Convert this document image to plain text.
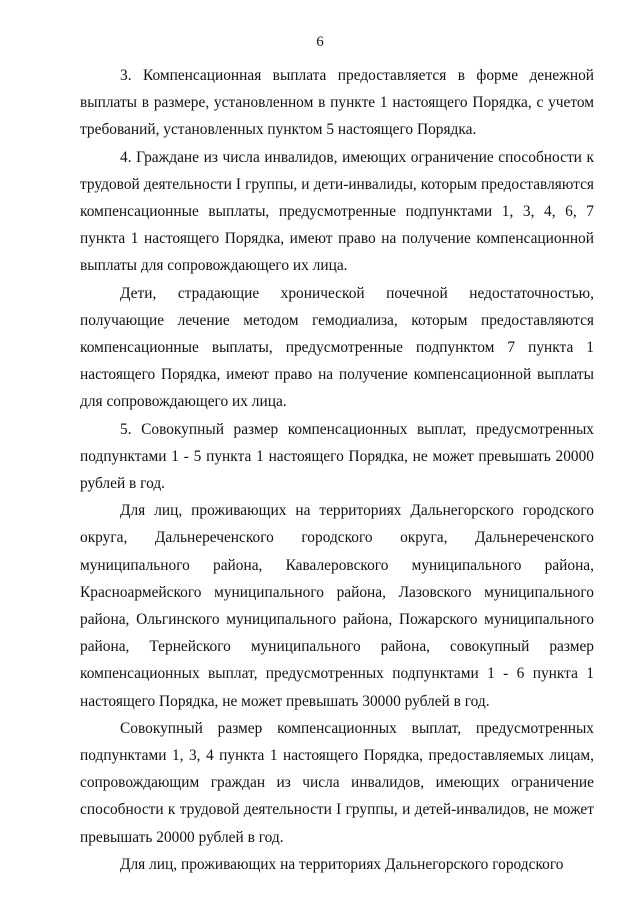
6

3. Компенсационная выплата предоставляется в форме денежной выплаты в размере, установленном в пункте 1 настоящего Порядка, с учетом требований, установленных пунктом 5 настоящего Порядка.

4. Граждане из числа инвалидов, имеющих ограничение способности к трудовой деятельности I группы, и дети-инвалиды, которым предоставляются компенсационные выплаты, предусмотренные подпунктами 1, 3, 4, 6, 7 пункта 1 настоящего Порядка, имеют право на получение компенсационной выплаты для сопровождающего их лица.

Дети, страдающие хронической почечной недостаточностью, получающие лечение методом гемодиализа, которым предоставляются компенсационные выплаты, предусмотренные подпунктом 7 пункта 1 настоящего Порядка, имеют право на получение компенсационной выплаты для сопровождающего их лица.

5. Совокупный размер компенсационных выплат, предусмотренных подпунктами 1 - 5 пункта 1 настоящего Порядка, не может превышать 20000 рублей в год.

Для лиц, проживающих на территориях Дальнегорского городского округа, Дальнереченского городского округа, Дальнереченского муниципального района, Кавалеровского муниципального района, Красноармейского муниципального района, Лазовского муниципального района, Ольгинского муниципального района, Пожарского муниципального района, Тернейского муниципального района, совокупный размер компенсационных выплат, предусмотренных подпунктами 1 - 6 пункта 1 настоящего Порядка, не может превышать 30000 рублей в год.

Совокупный размер компенсационных выплат, предусмотренных подпунктами 1, 3, 4 пункта 1 настоящего Порядка, предоставляемых лицам, сопровождающим граждан из числа инвалидов, имеющих ограничение способности к трудовой деятельности I группы, и детей-инвалидов, не может превышать 20000 рублей в год.

Для лиц, проживающих на территориях Дальнегорского городского
